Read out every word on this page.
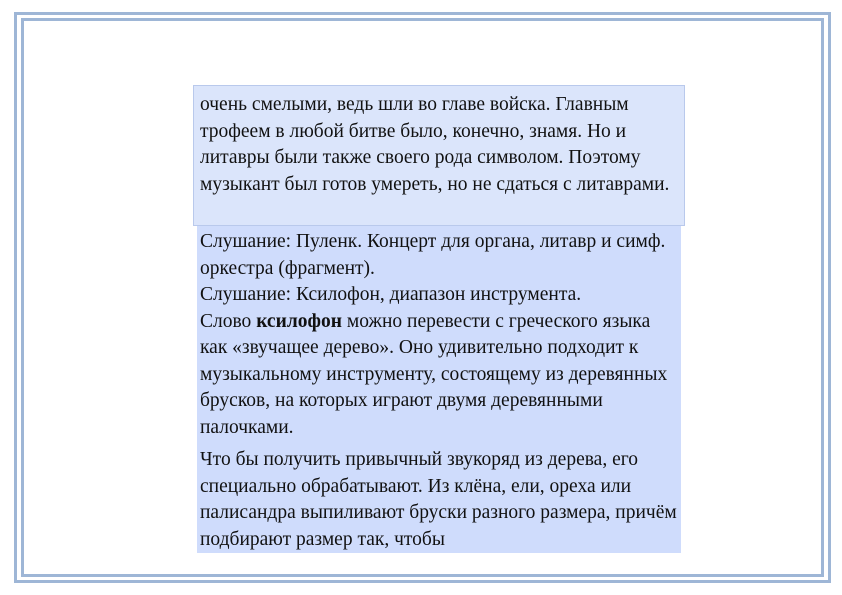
очень смелыми, ведь шли во главе войска. Главным трофеем в любой битве было, конечно, знамя. Но и литавры были также своего рода символом. Поэтому музыкант был готов умереть, но не сдаться с литаврами.

Слушание: Пуленк. Концерт для органа, литавр и симф. оркестра (фрагмент).

Слушание: Ксилофон, диапазон инструмента.

Слово ксилофон можно перевести с греческого языка как «звучащее дерево». Оно удивительно подходит к музыкальному инструменту, состоящему из деревянных брусков, на которых играют двумя деревянными палочками.

Что бы получить привычный звукоряд из дерева, его специально обрабатывают. Из клёна, ели, ореха или палисандра выпиливают бруски разного размера, причём подбирают размер так, чтобы
